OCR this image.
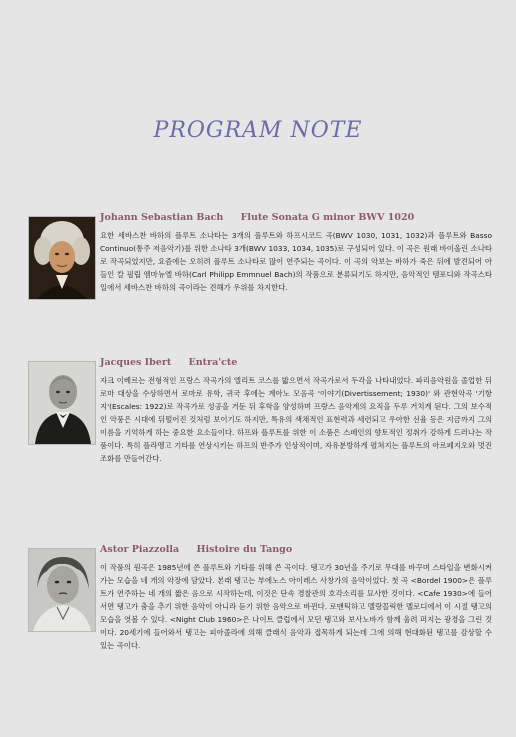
PROGRAM NOTE
Johann Sebastian Bach Flute Sonata G minor BWV 1020
요한 세바스찬 바하의 플루트 소나타는 3개의 플루트와 하프시코드 곡(BWV 1030, 1031, 1032)과 플루트와 Basso Continuo(통주 저음악기)를 위한 소나타 3개(BWV 1033, 1034, 1035)로 구성되어 있다. 이 곡은 원래 바이올린 소나타로 작곡되었지만, 요즘에는 오히려 플루트 소나타로 많이 연주되는 곡이다. 이 곡의 악보는 바하가 죽은 뒤에 발견되어 아들인 칼 필립 엠마뉴엘 바하(Carl Philipp Emmnuel Bach)의 작품으로 분류되기도 하지만, 음악적인 템포디와 작곡스타일에서 세바스찬 바하의 곡이라는 견해가 우위를 차지한다.
Jacques Ibert Entra'cte
자크 이베르는 전형적인 프랑스 작곡가의 엘리트 코스를 밟으면서 작곡가로서 두각을 나타내었다. 파리음악원을 졸업한 뒤 로마 대상을 수상하면서 로마로 유학, 귀국 후에는 계아노 모음곡 '이야기(Divertissement; 1930)' 와 관현악곡 '기항지'(Escales: 1922)로 작곡가로 성공을 거둔 뒤 후학을 양성하며 프랑스 음악계의 요직을 두루 거치게 된다. 그의 보수적인 악풍은 시대에 뒤떨어진 것처럼 보이기도 하지만, 특유의 색채적인 표현력과 세련되고 우아한 선율 등은 지금까지 그의 이름을 기억하게 하는 중요한 요소들이다. 하프와 플루트를 위한 이 소품은 스페인의 향토적인 정취가 강하게 드러나는 작품이다. 특히 플라멩고 기타를 연상시키는 하프의 반주가 인상적이며, 자유분방하게 펼쳐지는 플루트의 아르페지오와 멋진 조화를 만들어간다.
Astor Piazzolla Histoire du Tango
이 작품의 원곡은 1985년에 쓴 플루트와 기타를 위해 쓴 곡이다. 탱고가 30년을 주기로 무대를 바꾸며 스타일을 변화시켜 가는 모습을 네 개의 악장에 담았다. 본래 탱고는 부에노스 아이레스 사창가의 음악이었다. 첫 곡 <Bordel 1900>은 플루트가 연주하는 네 개의 짧은 음으로 시작하는데, 이것은 단속 경찰관의 호각소리를 묘사한 것이다. <Cafe 1930>에 들어서면 탱고가 춤을 추기 위한 음악이 아니라 듣기 위한 음악으로 바뀐다. 로맨틱하고 멜랑꼴릭한 멜로디에서 이 시절 탱고의 모습을 엿볼 수 있다. <Night Club 1960>은 나이트 클럽에서 모던 탱고와 보사노바가 함께 울려 퍼지는 광경을 그린 것이다. 20세기에 들어와서 탱고는 피아졸라에 의해 클래식 음악과 접목하게 되는데 그에 의해 현대화된 탱고를 감상할 수 있는 곡이다.
